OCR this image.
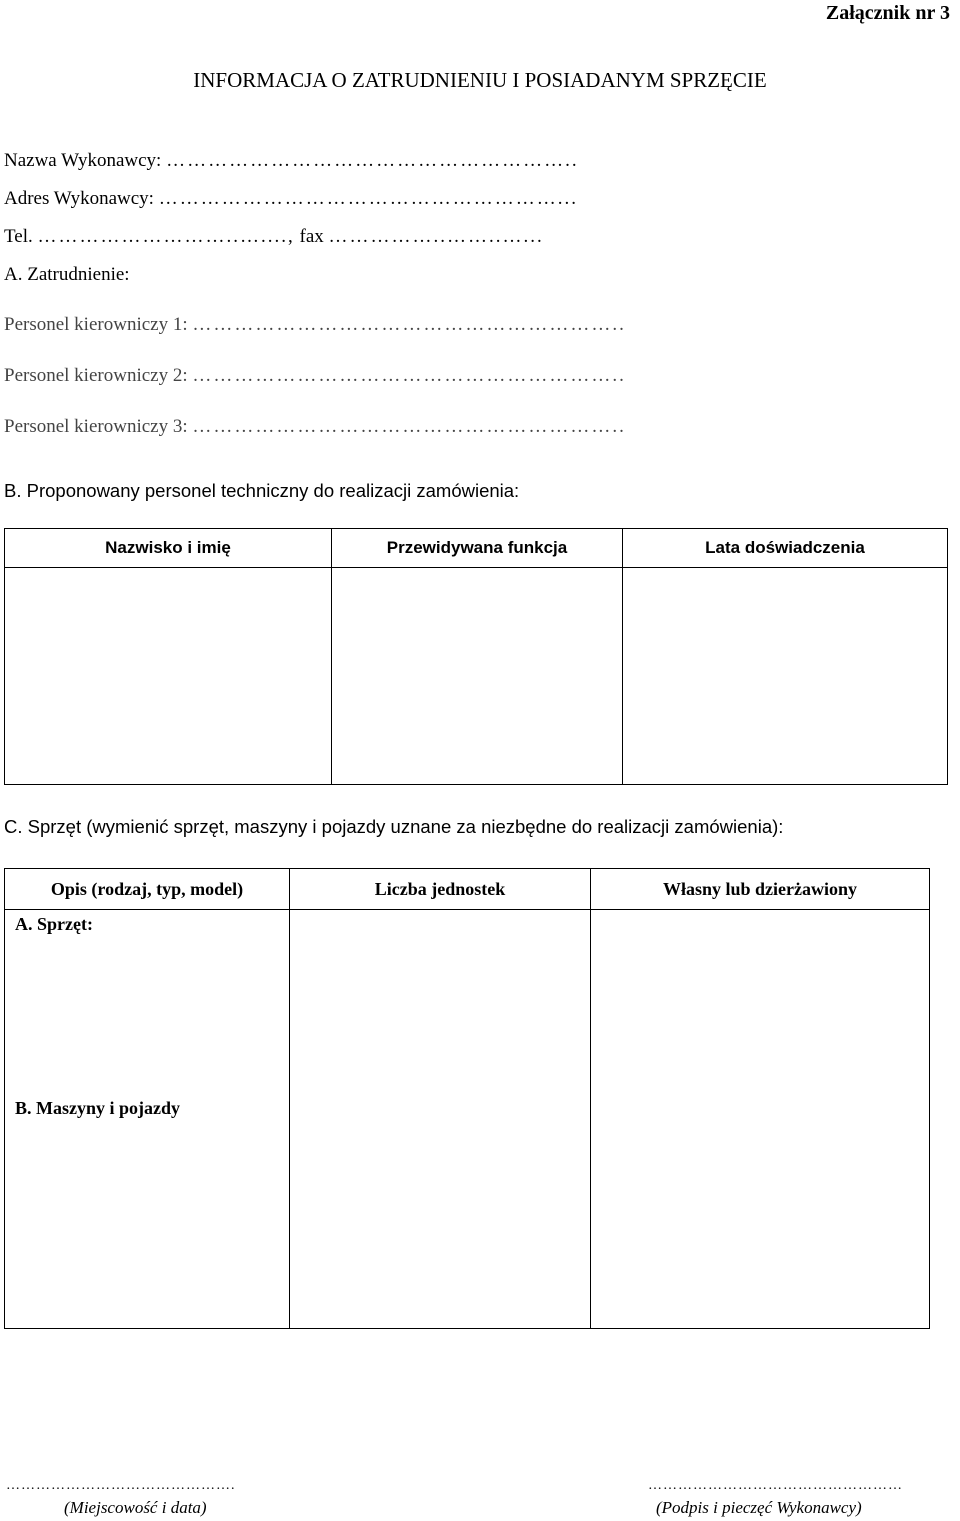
Załącznik nr 3
INFORMACJA O ZATRUDNIENIU I POSIADANYM SPRZĘCIE
Nazwa Wykonawcy: …………………………………………………..
Adres Wykonawcy: …………………………………………………...
Tel. ………………………..…...., fax ……………..……..…...
A. Zatrudnienie:
Personel kierowniczy 1: ……………………………………………………..
Personel kierowniczy 2: ……………………………………………………..
Personel kierowniczy 3: ……………………………………………………..
B. Proponowany personel techniczny do realizacji zamówienia:
Nazwisko i imię	Przewidywana funkcja	Lata doświadczenia

C. Sprzęt (wymienić sprzęt, maszyny i pojazdy uznane za niezbędne do realizacji zamówienia):
Opis (rodzaj, typ, model)	Liczba jednostek	Własny lub dzierżawiony

A. Sprzęt:
B. Maszyny i pojazdy		

……………………………………….
(Miejscowość i data)
……………………………………………
(Podpis i pieczęć Wykonawcy)
